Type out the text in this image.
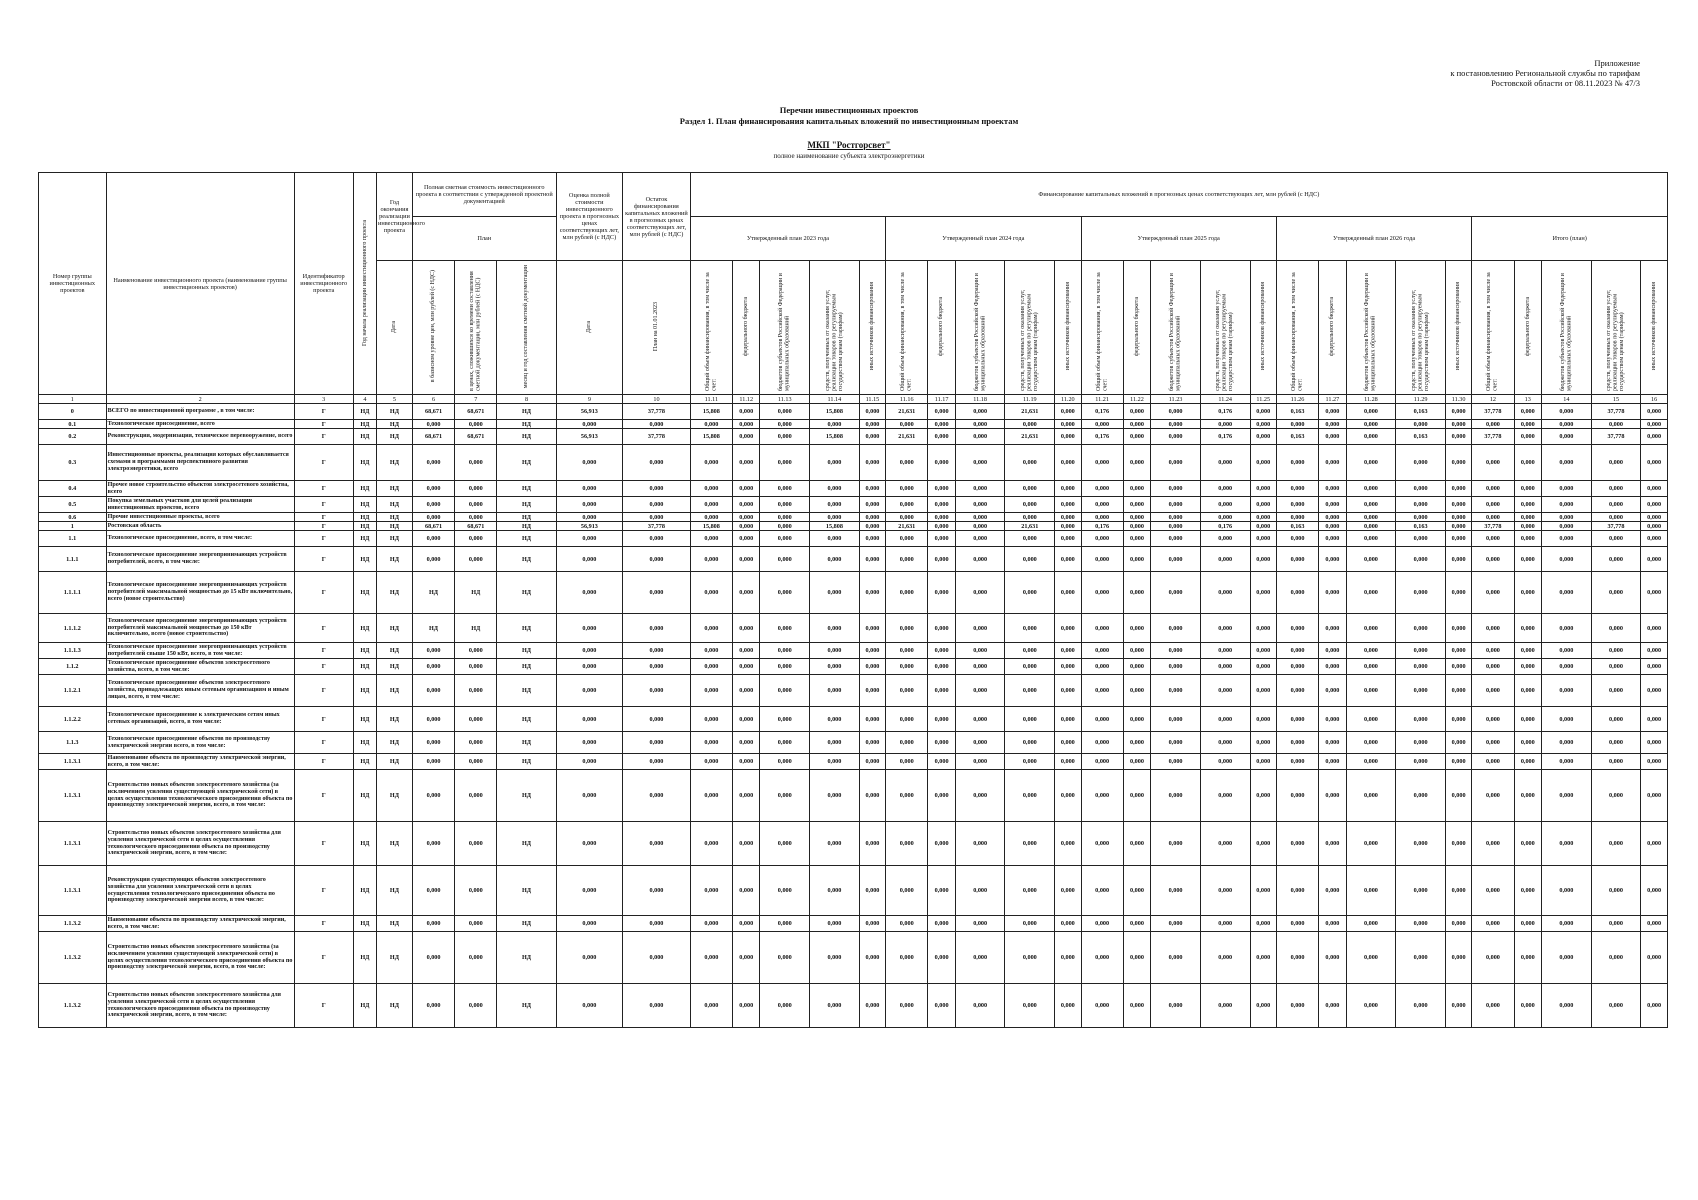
Приложение
к постановлению Региональной службы по тарифам
Ростовской области от 08.11.2023 № 47/3
Перечни инвестиционных проектов
Раздел 1. План финансирования капитальных вложений по инвестиционным проектам
МКП "Ростгорсвет"
полное наименование субъекта электроэнергетики
Номер группы инвестиционных проектов	Наименование инвестиционного проекта (наименование группы инвестиционных проектов)	Идентификатор инвестиционного проекта	Год начала реализации инвестиционного проекта	Год окончания реализации инвестиционного проекта	Полная сметная стоимость инвестиционного проекта в соответствии с утвержденной проектной документацией			Оценка полной стоимости инвестиционного проекта в прогнозных ценах соответствующих лет, млн рублей (с НДС)	Остаток финансирования капитальных вложений в прогнозных ценах соответствующих лет, млн рублей (с НДС)	Финансирование капитальных вложений в прогнозных ценах соответствующих лет, млн рублей (с НДС)																								
					План					Утвержденный план 2023 года					Утвержденный план 2024 года					Утвержденный план 2025 года					Утвержденный план 2026 года					Итого (план)				
				Дата	в базисном уровне цен, млн рублей (с НДС)	в ценах, сложившихся ко времени составления сметной документации, млн рублей (с НДС)	месяц и год составления сметной документации	Дата	План на 01.01.2023	Общий объем финансирования, в том числе за счет:	федерального бюджета	бюджетов субъектов Российской Федерации и муниципальных образований	средств, полученных от оказания услуг, реализации товаров по регулируемым государством ценам (тарифам)	иных источников финансирования	Общий объем финансирования, в том числе за счет:	федерального бюджета	бюджетов субъектов Российской Федерации и муниципальных образований	средств, полученных от оказания услуг, реализации товаров по регулируемым государством ценам (тарифам)	иных источников финансирования	Общий объем финансирования, в том числе за счет:	федерального бюджета	бюджетов субъектов Российской Федерации и муниципальных образований	средств, полученных от оказания услуг, реализации товаров по регулируемым государством ценам (тарифам)	иных источников финансирования	Общий объем финансирования, в том числе за счет:	федерального бюджета	бюджетов субъектов Российской Федерации и муниципальных образований	средств, полученных от оказания услуг, реализации товаров по регулируемым государством ценам (тарифам)	иных источников финансирования	Общий объем финансирования, в том числе за счет:	федерального бюджета	бюджетов субъектов Российской Федерации и муниципальных образований	средств, полученных от оказания услуг, реализации товаров по регулируемым государством ценам (тарифам)	иных источников финансирования
1	2	3	4	5	6	7	8	9	10	11.11	11.12	11.13	11.14	11.15	11.16	11.17	11.18	11.19	11.20	11.21	11.22	11.23	11.24	11.25	11.26	11.27	11.28	11.29	11.30	12	13	14	15	16
0	ВСЕГО по инвестиционной программе , в том числе:	Г	НД	НД	68,671	68,671	НД	56,913	37,778	15,808	0,000	0,000	15,808	0,000	21,631	0,000	0,000	21,631	0,000	0,176	0,000	0,000	0,176	0,000	0,163	0,000	0,000	0,163	0,000	37,778	0,000	0,000	37,778	0,000
0.1	Технологическое присоединение, всего	Г	НД	НД	0,000	0,000	НД	0,000	0,000	0,000	0,000	0,000	0,000	0,000	0,000	0,000	0,000	0,000	0,000	0,000	0,000	0,000	0,000	0,000	0,000	0,000	0,000	0,000	0,000	0,000	0,000	0,000	0,000	0,000
0.2	Реконструкция, модернизация, техническое перевооружение, всего	Г	НД	НД	68,671	68,671	НД	56,913	37,778	15,808	0,000	0,000	15,808	0,000	21,631	0,000	0,000	21,631	0,000	0,176	0,000	0,000	0,176	0,000	0,163	0,000	0,000	0,163	0,000	37,778	0,000	0,000	37,778	0,000
0.3	Инвестиционные проекты, реализация которых обуславливается схемами и программами перспективного развития электроэнергетики, всего	Г	НД	НД	0,000	0,000	НД	0,000	0,000	0,000	0,000	0,000	0,000	0,000	0,000	0,000	0,000	0,000	0,000	0,000	0,000	0,000	0,000	0,000	0,000	0,000	0,000	0,000	0,000	0,000	0,000	0,000	0,000	0,000
0.4	Прочее новое строительство объектов электросетевого хозяйства, всего	Г	НД	НД	0,000	0,000	НД	0,000	0,000	0,000	0,000	0,000	0,000	0,000	0,000	0,000	0,000	0,000	0,000	0,000	0,000	0,000	0,000	0,000	0,000	0,000	0,000	0,000	0,000	0,000	0,000	0,000	0,000	0,000
0.5	Покупка земельных участков для целей реализации инвестиционных проектов, всего	Г	НД	НД	0,000	0,000	НД	0,000	0,000	0,000	0,000	0,000	0,000	0,000	0,000	0,000	0,000	0,000	0,000	0,000	0,000	0,000	0,000	0,000	0,000	0,000	0,000	0,000	0,000	0,000	0,000	0,000	0,000	0,000
0.6	Прочие инвестиционные проекты, всего	Г	НД	НД	0,000	0,000	НД	0,000	0,000	0,000	0,000	0,000	0,000	0,000	0,000	0,000	0,000	0,000	0,000	0,000	0,000	0,000	0,000	0,000	0,000	0,000	0,000	0,000	0,000	0,000	0,000	0,000	0,000	0,000
1	Ростовская область	Г	НД	НД	68,671	68,671	НД	56,913	37,778	15,808	0,000	0,000	15,808	0,000	21,631	0,000	0,000	21,631	0,000	0,176	0,000	0,000	0,176	0,000	0,163	0,000	0,000	0,163	0,000	37,778	0,000	0,000	37,778	0,000
1.1	Технологическое присоединение, всего, в том числе:	Г	НД	НД	0,000	0,000	НД	0,000	0,000	0,000	0,000	0,000	0,000	0,000	0,000	0,000	0,000	0,000	0,000	0,000	0,000	0,000	0,000	0,000	0,000	0,000	0,000	0,000	0,000	0,000	0,000	0,000	0,000	0,000
1.1.1	Технологическое присоединение энергопринимающих устройств потребителей, всего, в том числе:	Г	НД	НД	0,000	0,000	НД	0,000	0,000	0,000	0,000	0,000	0,000	0,000	0,000	0,000	0,000	0,000	0,000	0,000	0,000	0,000	0,000	0,000	0,000	0,000	0,000	0,000	0,000	0,000	0,000	0,000	0,000	0,000
1.1.1.1	Технологическое присоединение энергопринимающих устройств потребителей максимальной мощностью до 15 кВт включительно, всего (новое строительство)	Г	НД	НД	НД	НД	НД	0,000	0,000	0,000	0,000	0,000	0,000	0,000	0,000	0,000	0,000	0,000	0,000	0,000	0,000	0,000	0,000	0,000	0,000	0,000	0,000	0,000	0,000	0,000	0,000	0,000	0,000	0,000
1.1.1.2	Технологическое присоединение энергопринимающих устройств потребителей максимальной мощностью до 150 кВт включительно, всего (новое строительство)	Г	НД	НД	НД	НД	НД	0,000	0,000	0,000	0,000	0,000	0,000	0,000	0,000	0,000	0,000	0,000	0,000	0,000	0,000	0,000	0,000	0,000	0,000	0,000	0,000	0,000	0,000	0,000	0,000	0,000	0,000	0,000
1.1.1.3	Технологическое присоединение энергопринимающих устройств потребителей свыше 150 кВт, всего, в том числе:	Г	НД	НД	0,000	0,000	НД	0,000	0,000	0,000	0,000	0,000	0,000	0,000	0,000	0,000	0,000	0,000	0,000	0,000	0,000	0,000	0,000	0,000	0,000	0,000	0,000	0,000	0,000	0,000	0,000	0,000	0,000	0,000
1.1.2	Технологическое присоединение объектов электросетевого хозяйства, всего, в том числе:	Г	НД	НД	0,000	0,000	НД	0,000	0,000	0,000	0,000	0,000	0,000	0,000	0,000	0,000	0,000	0,000	0,000	0,000	0,000	0,000	0,000	0,000	0,000	0,000	0,000	0,000	0,000	0,000	0,000	0,000	0,000	0,000
1.1.2.1	Технологическое присоединение объектов электросетевого хозяйства, принадлежащих иным сетевым организациям и иным лицам, всего, в том числе:	Г	НД	НД	0,000	0,000	НД	0,000	0,000	0,000	0,000	0,000	0,000	0,000	0,000	0,000	0,000	0,000	0,000	0,000	0,000	0,000	0,000	0,000	0,000	0,000	0,000	0,000	0,000	0,000	0,000	0,000	0,000	0,000
1.1.2.2	Технологическое присоединение к электрическим сетям иных сетевых организаций, всего, в том числе:	Г	НД	НД	0,000	0,000	НД	0,000	0,000	0,000	0,000	0,000	0,000	0,000	0,000	0,000	0,000	0,000	0,000	0,000	0,000	0,000	0,000	0,000	0,000	0,000	0,000	0,000	0,000	0,000	0,000	0,000	0,000	0,000
1.1.3	Технологическое присоединение объектов по производству электрической энергии всего, в том числе:	Г	НД	НД	0,000	0,000	НД	0,000	0,000	0,000	0,000	0,000	0,000	0,000	0,000	0,000	0,000	0,000	0,000	0,000	0,000	0,000	0,000	0,000	0,000	0,000	0,000	0,000	0,000	0,000	0,000	0,000	0,000	0,000
1.1.3.1	Наименование объекта по производству электрической энергии, всего, в том числе:	Г	НД	НД	0,000	0,000	НД	0,000	0,000	0,000	0,000	0,000	0,000	0,000	0,000	0,000	0,000	0,000	0,000	0,000	0,000	0,000	0,000	0,000	0,000	0,000	0,000	0,000	0,000	0,000	0,000	0,000	0,000	0,000
1.1.3.1	Строительство новых объектов электросетевого хозяйства (за исключением усиления существующей электрической сети) в целях осуществления технологического присоединения объекта по производству электрической энергии, всего, в том числе:	Г	НД	НД	0,000	0,000	НД	0,000	0,000	0,000	0,000	0,000	0,000	0,000	0,000	0,000	0,000	0,000	0,000	0,000	0,000	0,000	0,000	0,000	0,000	0,000	0,000	0,000	0,000	0,000	0,000	0,000	0,000	0,000
1.1.3.1	Строительство новых объектов электросетевого хозяйства для усиления электрической сети в целях осуществления технологического присоединения объекта по производству электрической энергии, всего, в том числе:	Г	НД	НД	0,000	0,000	НД	0,000	0,000	0,000	0,000	0,000	0,000	0,000	0,000	0,000	0,000	0,000	0,000	0,000	0,000	0,000	0,000	0,000	0,000	0,000	0,000	0,000	0,000	0,000	0,000	0,000	0,000	0,000
1.1.3.1	Реконструкция существующих объектов электросетевого хозяйства для усиления электрической сети в целях осуществления технологического присоединения объекта по производству электрической энергии всего, в том числе:	Г	НД	НД	0,000	0,000	НД	0,000	0,000	0,000	0,000	0,000	0,000	0,000	0,000	0,000	0,000	0,000	0,000	0,000	0,000	0,000	0,000	0,000	0,000	0,000	0,000	0,000	0,000	0,000	0,000	0,000	0,000	0,000
1.1.3.2	Наименование объекта по производству электрической энергии, всего, в том числе:	Г	НД	НД	0,000	0,000	НД	0,000	0,000	0,000	0,000	0,000	0,000	0,000	0,000	0,000	0,000	0,000	0,000	0,000	0,000	0,000	0,000	0,000	0,000	0,000	0,000	0,000	0,000	0,000	0,000	0,000	0,000	0,000
1.1.3.2	Строительство новых объектов электросетевого хозяйства (за исключением усиления существующей электрической сети) в целях осуществления технологического присоединения объекта по производству электрической энергии, всего, в том числе:	Г	НД	НД	0,000	0,000	НД	0,000	0,000	0,000	0,000	0,000	0,000	0,000	0,000	0,000	0,000	0,000	0,000	0,000	0,000	0,000	0,000	0,000	0,000	0,000	0,000	0,000	0,000	0,000	0,000	0,000	0,000	0,000
1.1.3.2	Строительство новых объектов электросетевого хозяйства для усиления электрической сети в целях осуществления технологического присоединения объекта по производству электрической энергии, всего, в том числе:	Г	НД	НД	0,000	0,000	НД	0,000	0,000	0,000	0,000	0,000	0,000	0,000	0,000	0,000	0,000	0,000	0,000	0,000	0,000	0,000	0,000	0,000	0,000	0,000	0,000	0,000	0,000	0,000	0,000	0,000	0,000	0,000
